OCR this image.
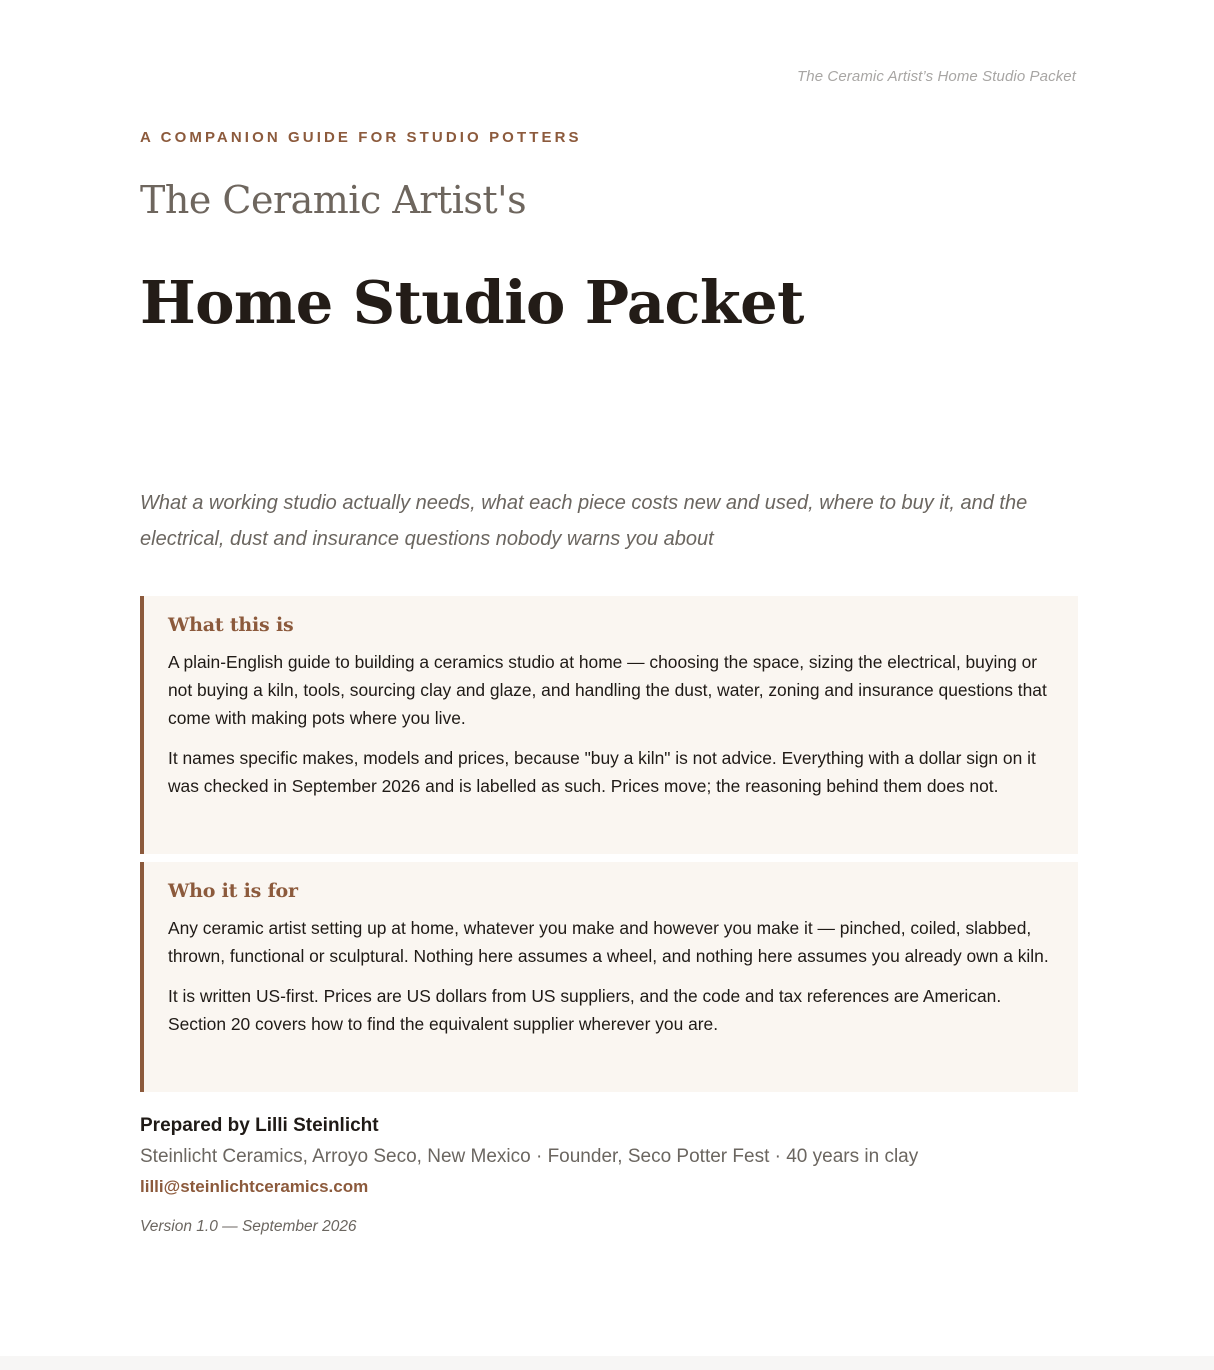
The Ceramic Artist’s Home Studio Packet
A COMPANION GUIDE FOR STUDIO POTTERS
The Ceramic Artist's
Home Studio Packet
What a working studio actually needs, what each piece costs new and used, where to buy it, and the electrical, dust and insurance questions nobody warns you about
What this is

A plain-English guide to building a ceramics studio at home — choosing the space, sizing the electrical, buying or not buying a kiln, tools, sourcing clay and glaze, and handling the dust, water, zoning and insurance questions that come with making pots where you live.

It names specific makes, models and prices, because "buy a kiln" is not advice. Everything with a dollar sign on it was checked in September 2026 and is labelled as such. Prices move; the reasoning behind them does not.

Who it is for

Any ceramic artist setting up at home, whatever you make and however you make it — pinched, coiled, slabbed, thrown, functional or sculptural. Nothing here assumes a wheel, and nothing here assumes you already own a kiln.

It is written US-first. Prices are US dollars from US suppliers, and the code and tax references are American. Section 20 covers how to find the equivalent supplier wherever you are.

Prepared by Lilli Steinlicht
Steinlicht Ceramics, Arroyo Seco, New Mexico · Founder, Seco Potter Fest · 40 years in clay
lilli@steinlichtceramics.com
Version 1.0 — September 2026
